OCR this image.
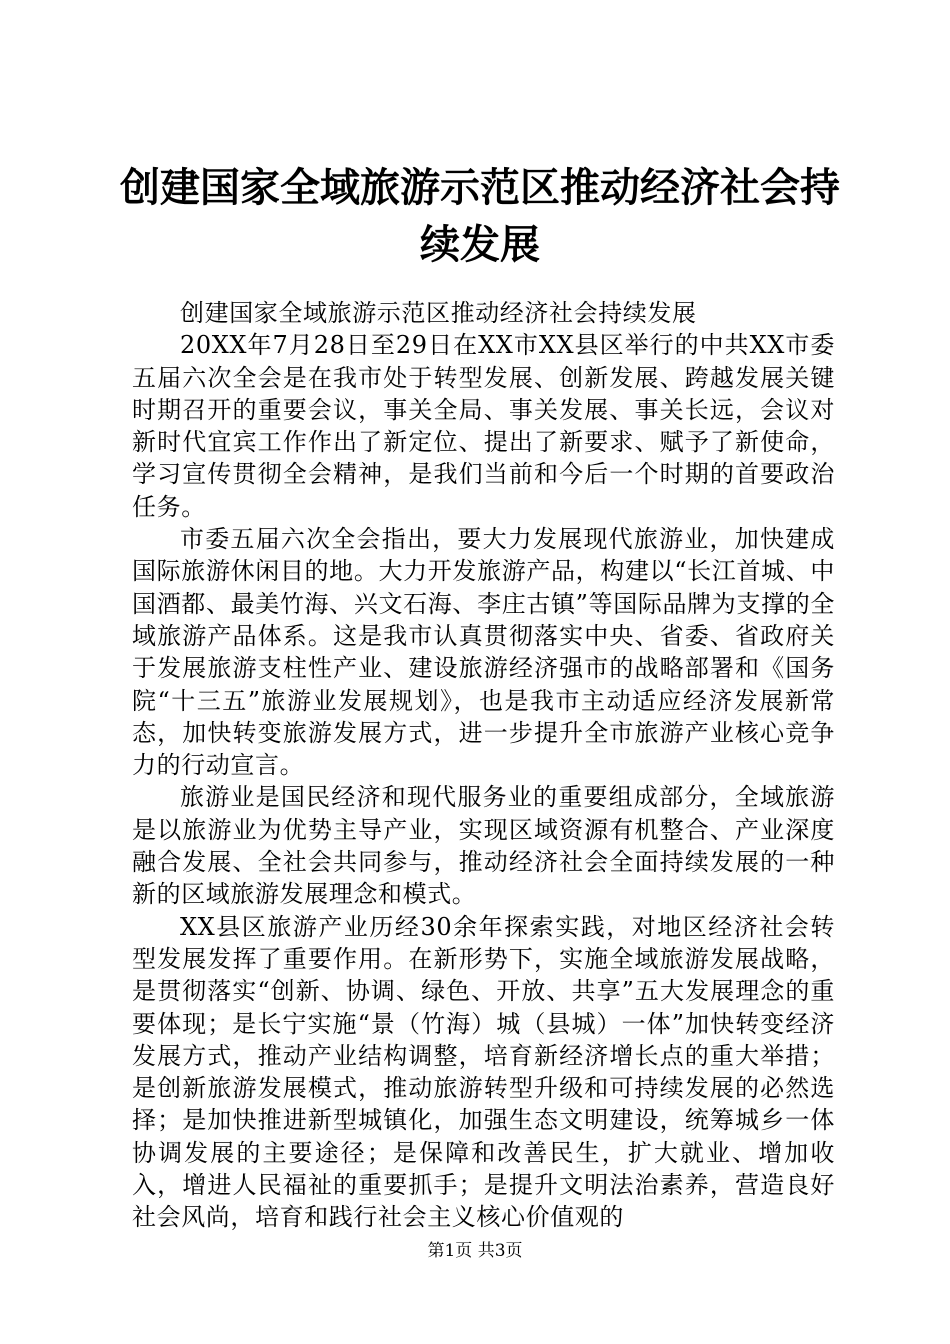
创建国家全域旅游示范区推动经济社会持续发展

创建国家全域旅游示范区推动经济社会持续发展

20XX年7月28日至29日在XX市XX县区举行的中共XX市委五届六次全会是在我市处于转型发展、创新发展、跨越发展关键时期召开的重要会议，事关全局、事关发展、事关长远，会议对新时代宜宾工作作出了新定位、提出了新要求、赋予了新使命，学习宣传贯彻全会精神，是我们当前和今后一个时期的首要政治任务。

市委五届六次全会指出，要大力发展现代旅游业，加快建成国际旅游休闲目的地。大力开发旅游产品，构建以“长江首城、中国酒都、最美竹海、兴文石海、李庄古镇”等国际品牌为支撑的全域旅游产品体系。这是我市认真贯彻落实中央、省委、省政府关于发展旅游支柱性产业、建设旅游经济强市的战略部署和《国务院“十三五”旅游业发展规划》，也是我市主动适应经济发展新常态，加快转变旅游发展方式，进一步提升全市旅游产业核心竞争力的行动宣言。

旅游业是国民经济和现代服务业的重要组成部分，全域旅游是以旅游业为优势主导产业，实现区域资源有机整合、产业深度融合发展、全社会共同参与，推动经济社会全面持续发展的一种新的区域旅游发展理念和模式。

XX县区旅游产业历经30余年探索实践，对地区经济社会转型发展发挥了重要作用。在新形势下，实施全域旅游发展战略，是贯彻落实“创新、协调、绿色、开放、共享”五大发展理念的重要体现；是长宁实施“景（竹海）城（县城）一体”加快转变经济发展方式，推动产业结构调整，培育新经济增长点的重大举措；是创新旅游发展模式，推动旅游转型升级和可持续发展的必然选择；是加快推进新型城镇化，加强生态文明建设，统筹城乡一体协调发展的主要途径；是保障和改善民生，扩大就业、增加收入，增进人民福祉的重要抓手；是提升文明法治素养，营造良好社会风尚，培育和践行社会主义核心价值观的

第1页 共3页
